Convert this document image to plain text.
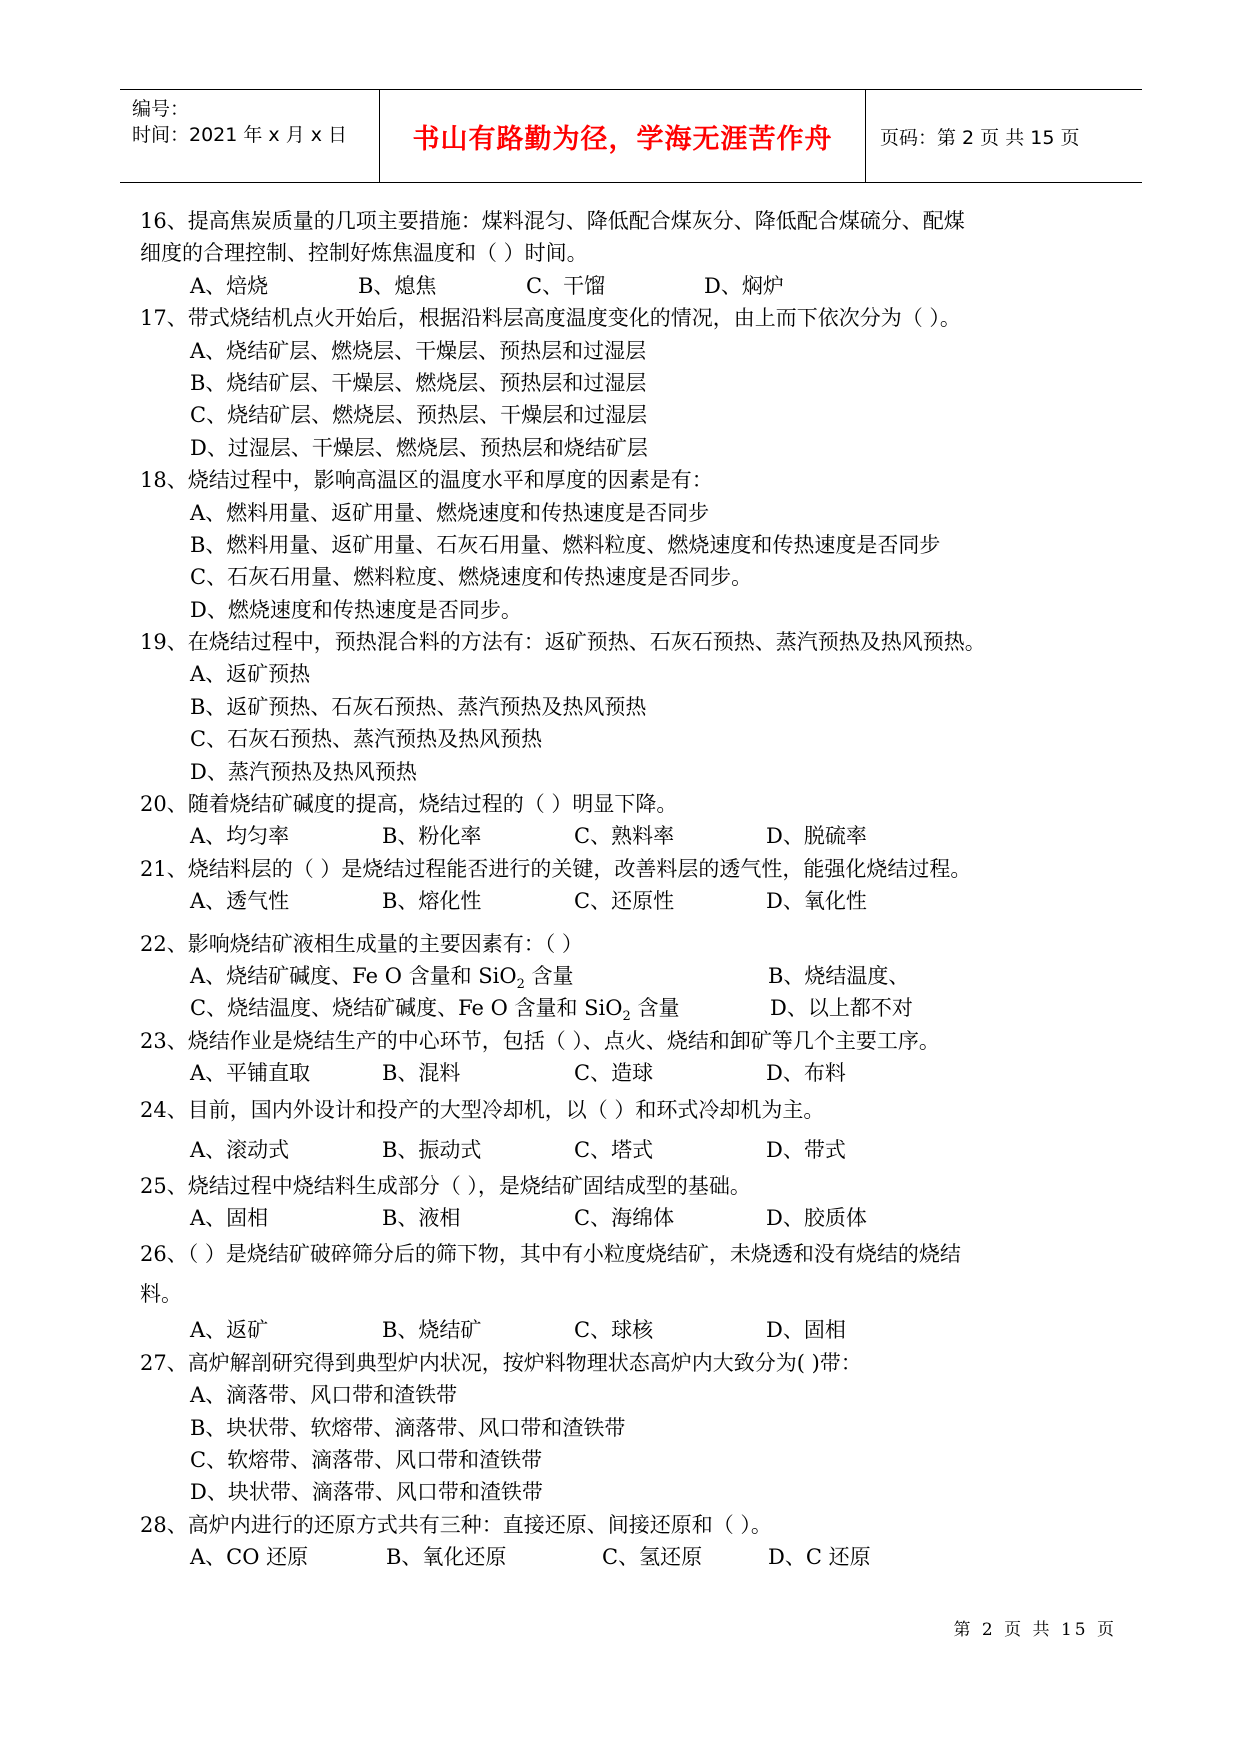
编号：
时间：2021 年 x 月 x 日 书山有路勤为径，学海无涯苦作舟	页码：第 2 页 共 15 页
16、提高焦炭质量的几项主要措施：煤料混匀、降低配合煤灰分、降低配合煤硫分、配煤
细度的合理控制、控制好炼焦温度和（ ）时间。
A、焙烧	B、熄焦	C、干馏	D、焖炉
17、带式烧结机点火开始后，根据沿料层高度温度变化的情况，由上而下依次分为（ ）。
A、烧结矿层、燃烧层、干燥层、预热层和过湿层
B、烧结矿层、干燥层、燃烧层、预热层和过湿层
C、烧结矿层、燃烧层、预热层、干燥层和过湿层
D、过湿层、干燥层、燃烧层、预热层和烧结矿层
18、烧结过程中，影响高温区的温度水平和厚度的因素是有：
A、燃料用量、返矿用量、燃烧速度和传热速度是否同步
B、燃料用量、返矿用量、石灰石用量、燃料粒度、燃烧速度和传热速度是否同步
C、石灰石用量、燃料粒度、燃烧速度和传热速度是否同步。
D、燃烧速度和传热速度是否同步。
19、在烧结过程中，预热混合料的方法有：返矿预热、石灰石预热、蒸汽预热及热风预热。
A、返矿预热
B、返矿预热、石灰石预热、蒸汽预热及热风预热
C、石灰石预热、蒸汽预热及热风预热
D、蒸汽预热及热风预热
20、随着烧结矿碱度的提高，烧结过程的（ ）明显下降。
A、均匀率	B、粉化率	C、熟料率	D、脱硫率
21、烧结料层的（ ）是烧结过程能否进行的关键，改善料层的透气性，能强化烧结过程。
A、透气性	B、熔化性	C、还原性	D、氧化性
22、影响烧结矿液相生成量的主要因素有：（ ）
A、烧结矿碱度、Fe O 含量和 SiO$_2$ 含量	B、烧结温度、
C、烧结温度、烧结矿碱度、Fe O 含量和 SiO$_2$ 含量	D、以上都不对
23、烧结作业是烧结生产的中心环节，包括（ ）、点火、烧结和卸矿等几个主要工序。
A、平铺直取	B、混料	C、造球	D、布料
24、目前，国内外设计和投产的大型冷却机，以（ ）和环式冷却机为主。
A、滚动式	B、振动式	C、塔式	D、带式
25、烧结过程中烧结料生成部分（ ），是烧结矿固结成型的基础。
A、固相	B、液相	C、海绵体	D、胶质体
26、（ ）是烧结矿破碎筛分后的筛下物，其中有小粒度烧结矿，未烧透和没有烧结的烧结
料。
A、返矿	B、烧结矿	C、球核	D、固相
27、高炉解剖研究得到典型炉内状况，按炉料物理状态高炉内大致分为( )带：
A、滴落带、风口带和渣铁带
B、块状带、软熔带、滴落带、风口带和渣铁带
C、软熔带、滴落带、风口带和渣铁带
D、块状带、滴落带、风口带和渣铁带
28、高炉内进行的还原方式共有三种：直接还原、间接还原和（ ）。
A、CO 还原	B、氧化还原	C、氢还原	D、C 还原
第 2 页 共 15 页
